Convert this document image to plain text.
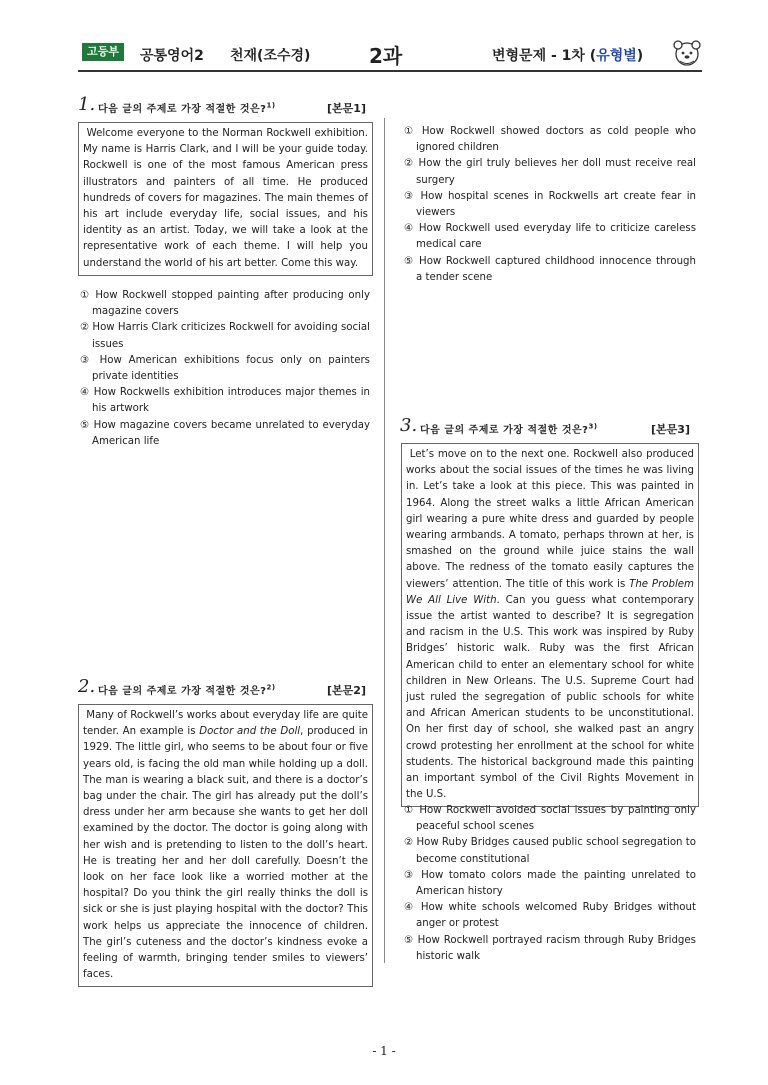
고등부	공통영어2 천재(조수경)	2과	변형문제 - 1차 (유형별)
1. 다음 글의 주제로 가장 적절한 것은?$^{1)}$	[본문1]
Welcome everyone to the Norman Rockwell exhibition. My name is Harris Clark, and I will be your guide today. Rockwell is one of the most famous American press illustrators and painters of all time. He produced hundreds of covers for magazines. The main themes of his art include everyday life, social issues, and his identity as an artist. Today, we will take a look at the representative work of each theme. I will help you understand the world of his art better. Come this way.
① How Rockwell stopped painting after producing only magazine covers
② How Harris Clark criticizes Rockwell for avoiding social issues
③ How American exhibitions focus only on painters private identities
④ How Rockwells exhibition introduces major themes in his artwork
⑤ How magazine covers became unrelated to everyday American life
2. 다음 글의 주제로 가장 적절한 것은?$^{2)}$	[본문2]
Many of Rockwell’s works about everyday life are quite tender. An example is Doctor and the Doll, produced in 1929. The little girl, who seems to be about four or five years old, is facing the old man while holding up a doll. The man is wearing a black suit, and there is a doctor’s bag under the chair. The girl has already put the doll’s dress under her arm because she wants to get her doll examined by the doctor. The doctor is going along with her wish and is pretending to listen to the doll’s heart. He is treating her and her doll carefully. Doesn’t the look on her face look like a worried mother at the hospital? Do you think the girl really thinks the doll is sick or she is just playing hospital with the doctor? This work helps us appreciate the innocence of children. The girl’s cuteness and the doctor’s kindness evoke a feeling of warmth, bringing tender smiles to viewers’ faces.
① How Rockwell showed doctors as cold people who ignored children
② How the girl truly believes her doll must receive real surgery
③ How hospital scenes in Rockwells art create fear in viewers
④ How Rockwell used everyday life to criticize careless medical care
⑤ How Rockwell captured childhood innocence through a tender scene
3. 다음 글의 주제로 가장 적절한 것은?$^{3)}$	[본문3]
Let’s move on to the next one. Rockwell also produced works about the social issues of the times he was living in. Let’s take a look at this piece. This was painted in 1964. Along the street walks a little African American girl wearing a pure white dress and guarded by people wearing armbands. A tomato, perhaps thrown at her, is smashed on the ground while juice stains the wall above. The redness of the tomato easily captures the viewers’ attention. The title of this work is The Problem We All Live With. Can you guess what contemporary issue the artist wanted to describe? It is segregation and racism in the U.S. This work was inspired by Ruby Bridges’ historic walk. Ruby was the first African American child to enter an elementary school for white children in New Orleans. The U.S. Supreme Court had just ruled the segregation of public schools for white and African American students to be unconstitutional. On her first day of school, she walked past an angry crowd protesting her enrollment at the school for white students. The historical background made this painting an important symbol of the Civil Rights Movement in the U.S.
① How Rockwell avoided social issues by painting only peaceful school scenes
② How Ruby Bridges caused public school segregation to become constitutional
③ How tomato colors made the painting unrelated to American history
④ How white schools welcomed Ruby Bridges without anger or protest
⑤ How Rockwell portrayed racism through Ruby Bridges historic walk
- 1 -
